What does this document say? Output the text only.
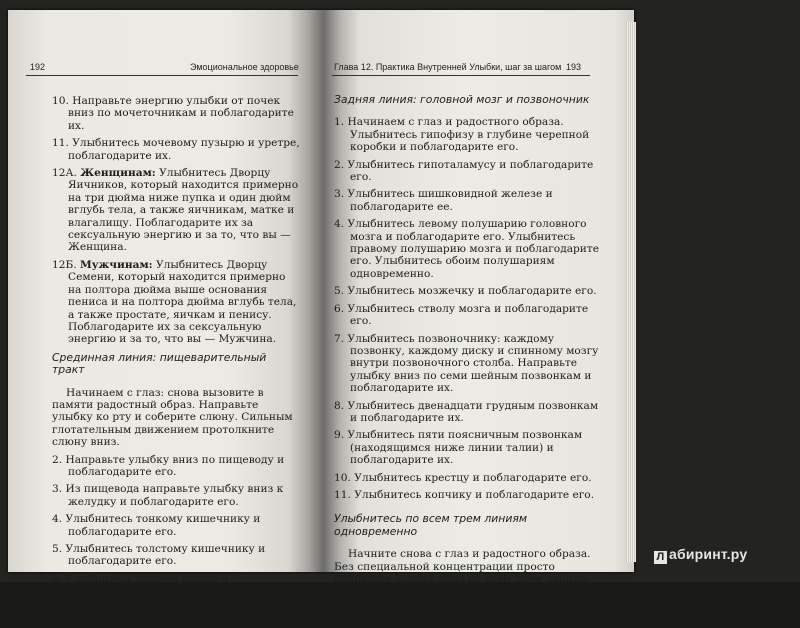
192	Эмоциональное здоровье
10. Направьте энергию улыбки от почек вниз по мочеточникам и поблагодарите их.
11. Улыбнитесь мочевому пузырю и уретре, поблагодарите их.
12А. Женщинам: Улыбнитесь Дворцу Яичников, который находится примерно на три дюйма ниже пупка и один дюйм вглубь тела, а также яичникам, матке и влагалищу. Поблагодарите их за сексуальную энергию и за то, что вы — Женщина.
12Б. Мужчинам: Улыбнитесь Дворцу Семени, который находится примерно на полтора дюйма выше основания пениса и на полтора дюйма вглубь тела, а также простате, яичкам и пенису. Поблагодарите их за сексуальную энергию и за то, что вы — Мужчина.
Срединная линия: пищеварительный тракт

Начинаем с глаз: снова вызовите в памяти радостный образ. Направьте улыбку ко рту и соберите слюну. Сильным глотательным движением протолкните слюну вниз.

2. Направьте улыбку вниз по пищеводу и поблагодарите его.
3. Из пищевода направьте улыбку вниз к желудку и поблагодарите его.
4. Улыбнитесь тонкому кишечнику и поблагодарите его.
5. Улыбнитесь толстому кишечнику и поблагодарите его.
6. Улыбнитесь прямой кишке и поблагодарите ее.
Глава 12. Практика Внутренней Улыбки, шаг за шагом 193
Задняя линия: головной мозг и позвоночник
1. Начинаем с глаз и радостного образа. Улыбнитесь гипофизу в глубине черепной коробки и поблагодарите его.
2. Улыбнитесь гипоталамусу и поблагодарите его.
3. Улыбнитесь шишковидной железе и поблагодарите ее.
4. Улыбнитесь левому полушарию головного мозга и поблагодарите его. Улыбнитесь правому полушарию мозга и поблагодарите его. Улыбнитесь обоим полушариям одновременно.
5. Улыбнитесь мозжечку и поблагодарите его.
6. Улыбнитесь стволу мозга и поблагодарите его.
7. Улыбнитесь позвоночнику: каждому позвонку, каждому диску и спинному мозгу внутри позвоночного столба. Направьте улыбку вниз по семи шейным позвонкам и поблагодарите их.
8. Улыбнитесь двенадцати грудным позвонкам и поблагодарите их.
9. Улыбнитесь пяти поясничным позвонкам (находящимся ниже линии талии) и поблагодарите их.
10. Улыбнитесь крестцу и поблагодарите его.
11. Улыбнитесь копчику и поблагодарите его.
Улыбнитесь по всем трем линиям одновременно

Начните снова с глаз и радостного образа. Без специальной концентрации просто направьте улыбку вниз по всем трем линиям одновременно. После этого улыбнитесь своим рукам, ногам, зубам, ногтям, всем кожным покровам и всему волосяному покрову.

Л абиринт.ру
